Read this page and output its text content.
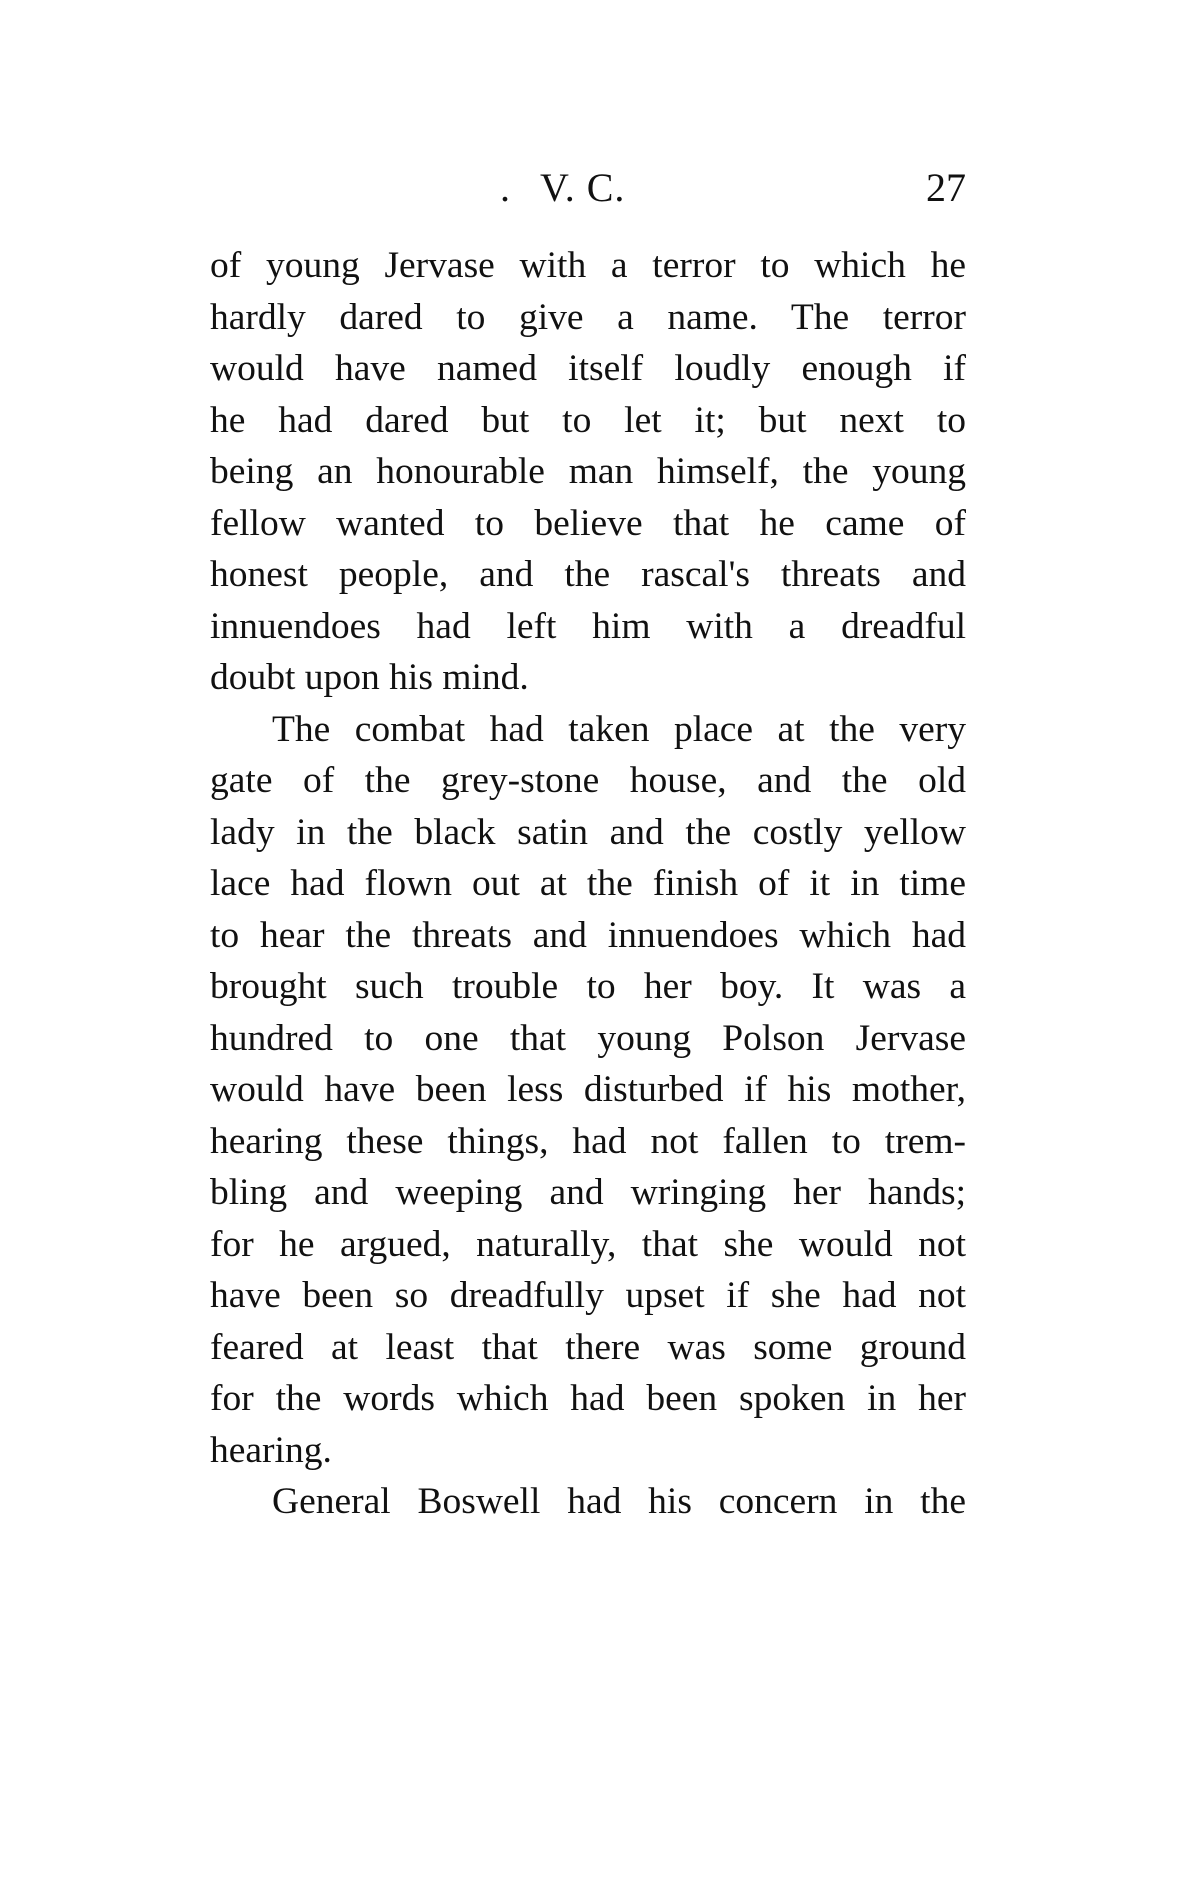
. V. C.	27
of young Jervase with a terror to which he
hardly dared to give a name. The terror
would have named itself loudly enough if
he had dared but to let it; but next to
being an honourable man himself, the young
fellow wanted to believe that he came of
honest people, and the rascal's threats and
innuendoes had left him with a dreadful
doubt upon his mind.
The combat had taken place at the very
gate of the grey-stone house, and the old
lady in the black satin and the costly yellow
lace had flown out at the finish of it in time
to hear the threats and innuendoes which had
brought such trouble to her boy. It was a
hundred to one that young Polson Jervase
would have been less disturbed if his mother,
hearing these things, had not fallen to trem-
bling and weeping and wringing her hands;
for he argued, naturally, that she would not
have been so dreadfully upset if she had not
feared at least that there was some ground
for the words which had been spoken in her
hearing.
General Boswell had his concern in the
